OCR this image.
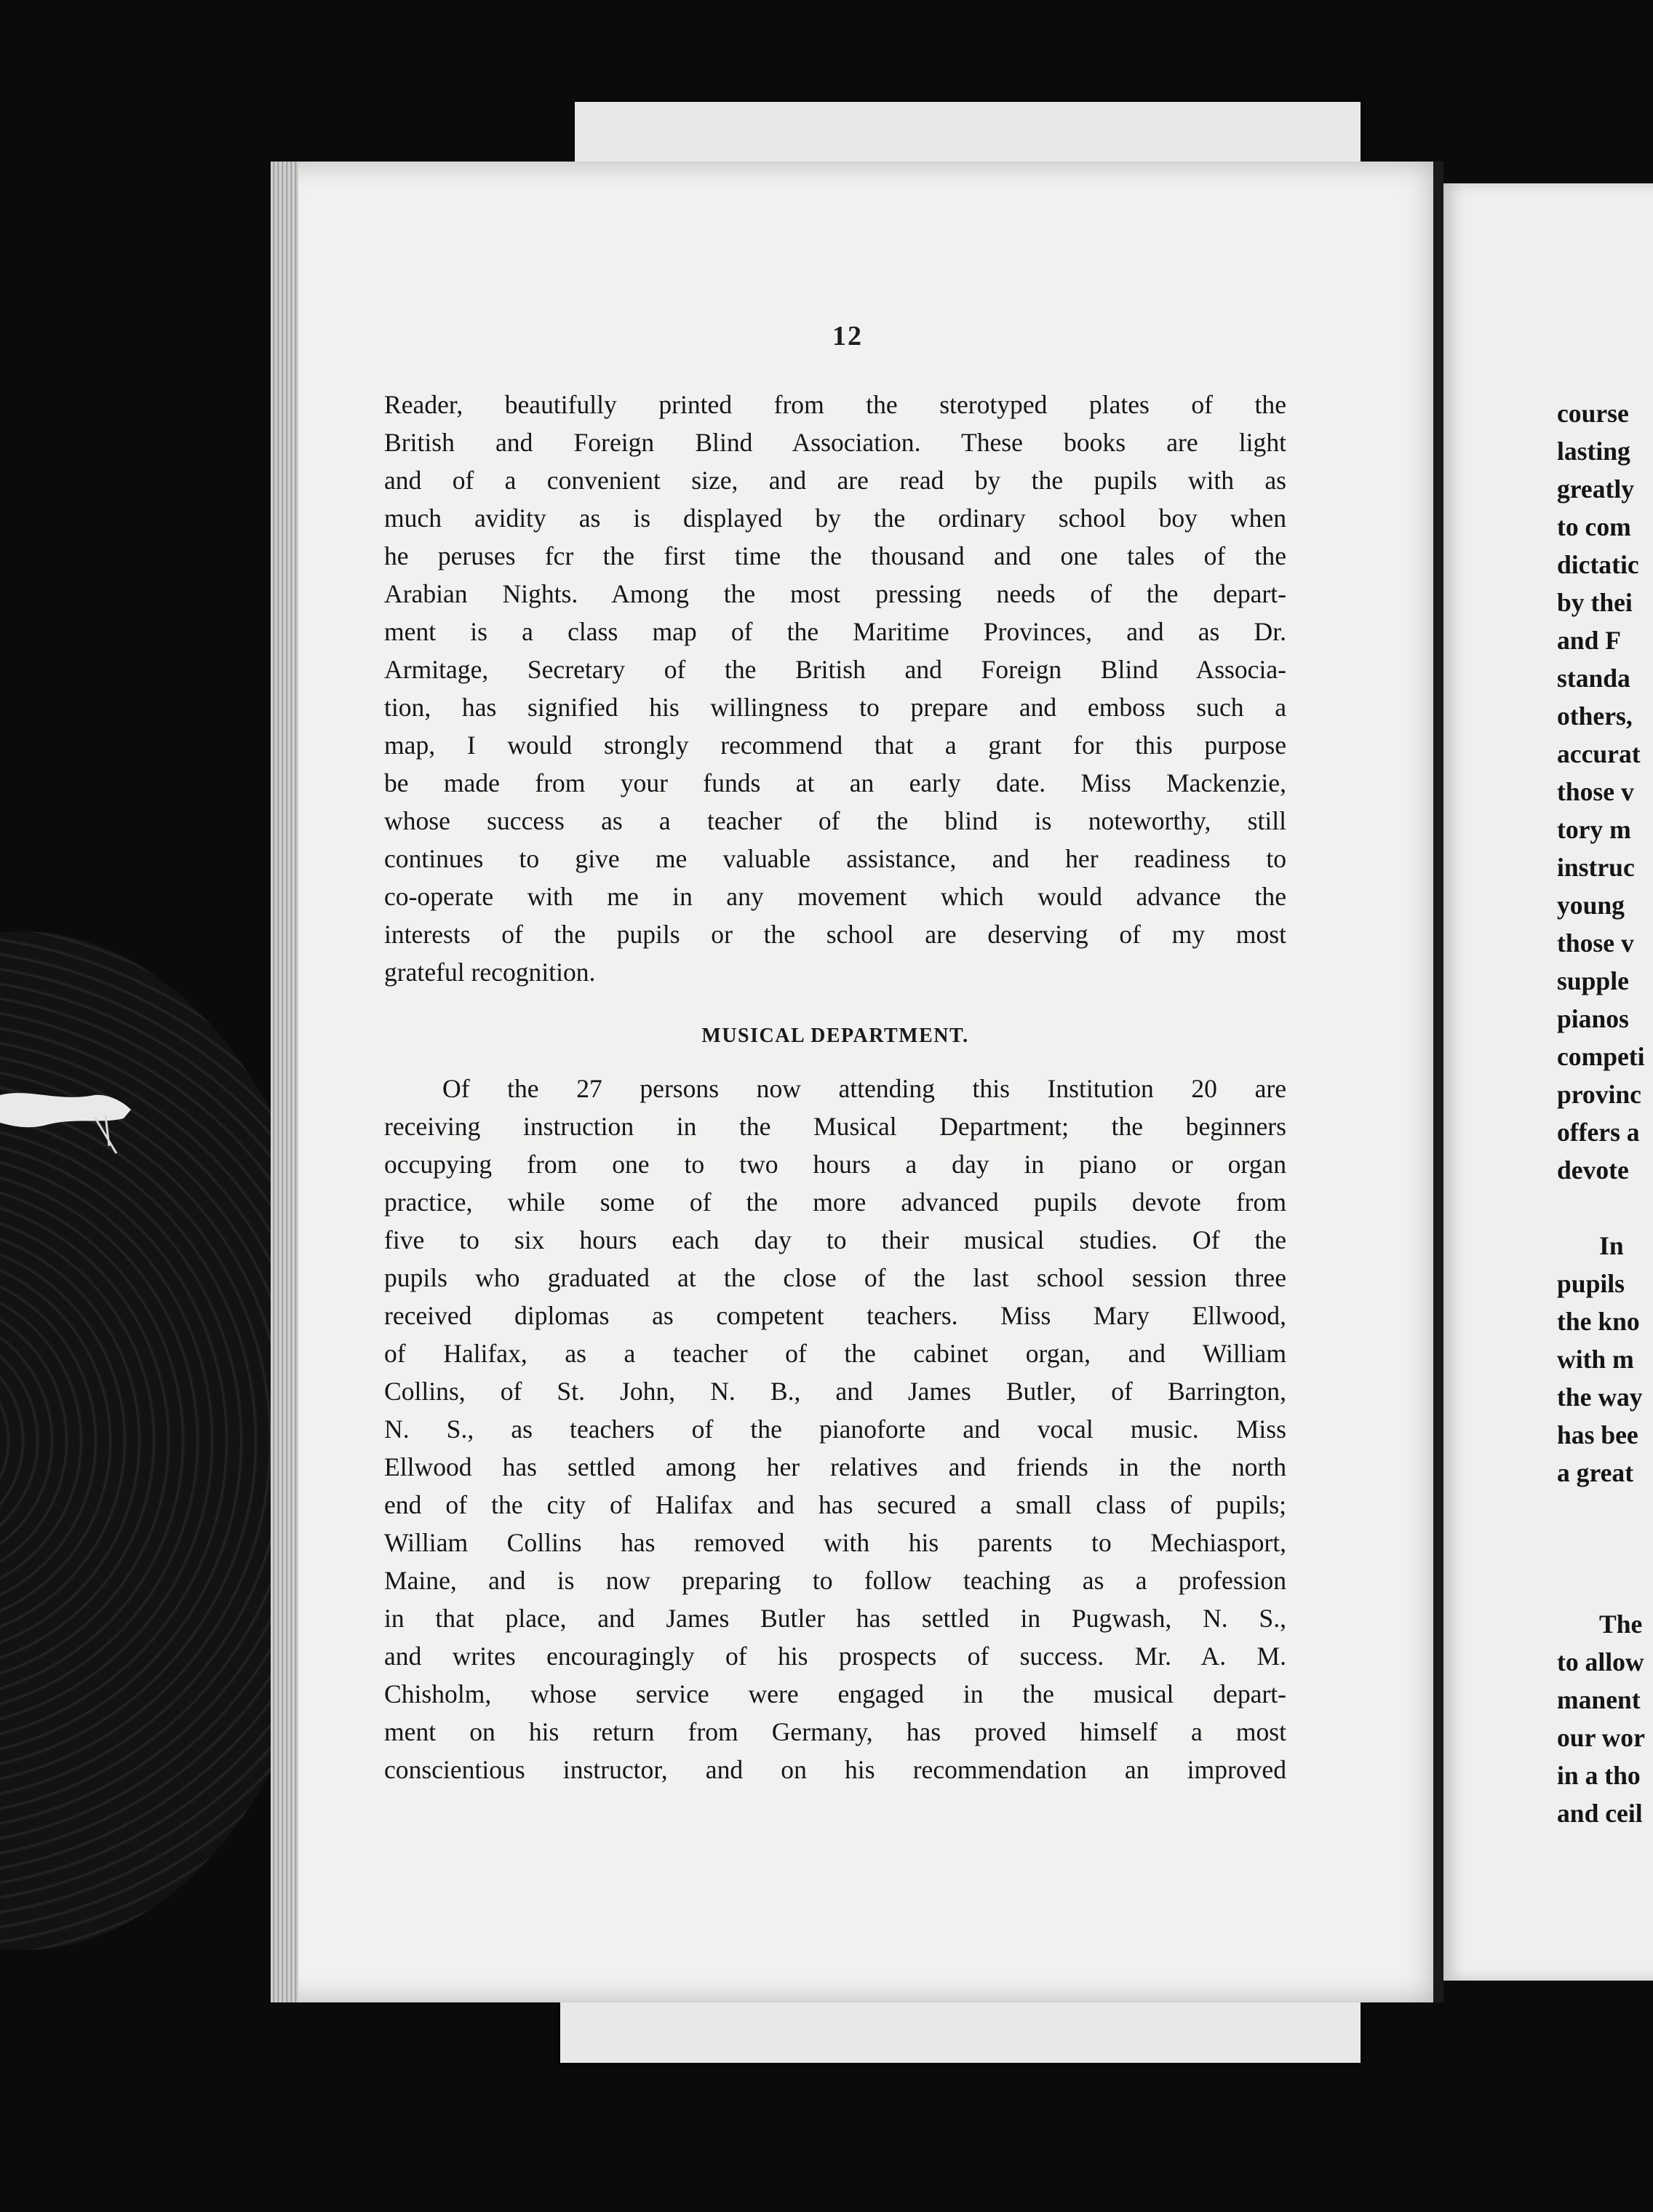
12
Reader, beautifully printed from the sterotyped plates of the
British and Foreign Blind Association. These books are light
and of a convenient size, and are read by the pupils with as
much avidity as is displayed by the ordinary school boy when
he peruses fcr the first time the thousand and one tales of the
Arabian Nights. Among the most pressing needs of the depart-
ment is a class map of the Maritime Provinces, and as Dr.
Armitage, Secretary of the British and Foreign Blind Associa-
tion, has signified his willingness to prepare and emboss such a
map, I would strongly recommend that a grant for this purpose
be made from your funds at an early date. Miss Mackenzie,
whose success as a teacher of the blind is noteworthy, still
continues to give me valuable assistance, and her readiness to
co-operate with me in any movement which would advance the
interests of the pupils or the school are deserving of my most
grateful recognition.
MUSICAL DEPARTMENT.
Of the 27 persons now attending this Institution 20 are
receiving instruction in the Musical Department; the beginners
occupying from one to two hours a day in piano or organ
practice, while some of the more advanced pupils devote from
five to six hours each day to their musical studies. Of the
pupils who graduated at the close of the last school session three
received diplomas as competent teachers. Miss Mary Ellwood,
of Halifax, as a teacher of the cabinet organ, and William
Collins, of St. John, N. B., and James Butler, of Barrington,
N. S., as teachers of the pianoforte and vocal music. Miss
Ellwood has settled among her relatives and friends in the north
end of the city of Halifax and has secured a small class of pupils;
William Collins has removed with his parents to Mechiasport,
Maine, and is now preparing to follow teaching as a profession
in that place, and James Butler has settled in Pugwash, N. S.,
and writes encouragingly of his prospects of success. Mr. A. M.
Chisholm, whose service were engaged in the musical depart-
ment on his return from Germany, has proved himself a most
conscientious instructor, and on his recommendation an improved
course
lasting
greatly
to com
dictatic
by thei
and F
standa
others,
accurat
those v
tory m
instruc
young
those v
supple
pianos
competi
provinc
offers a
devote
In
pupils
the kno
with m
the way
has bee
a great
The
to allow
manent
our wor
in a tho
and ceil
